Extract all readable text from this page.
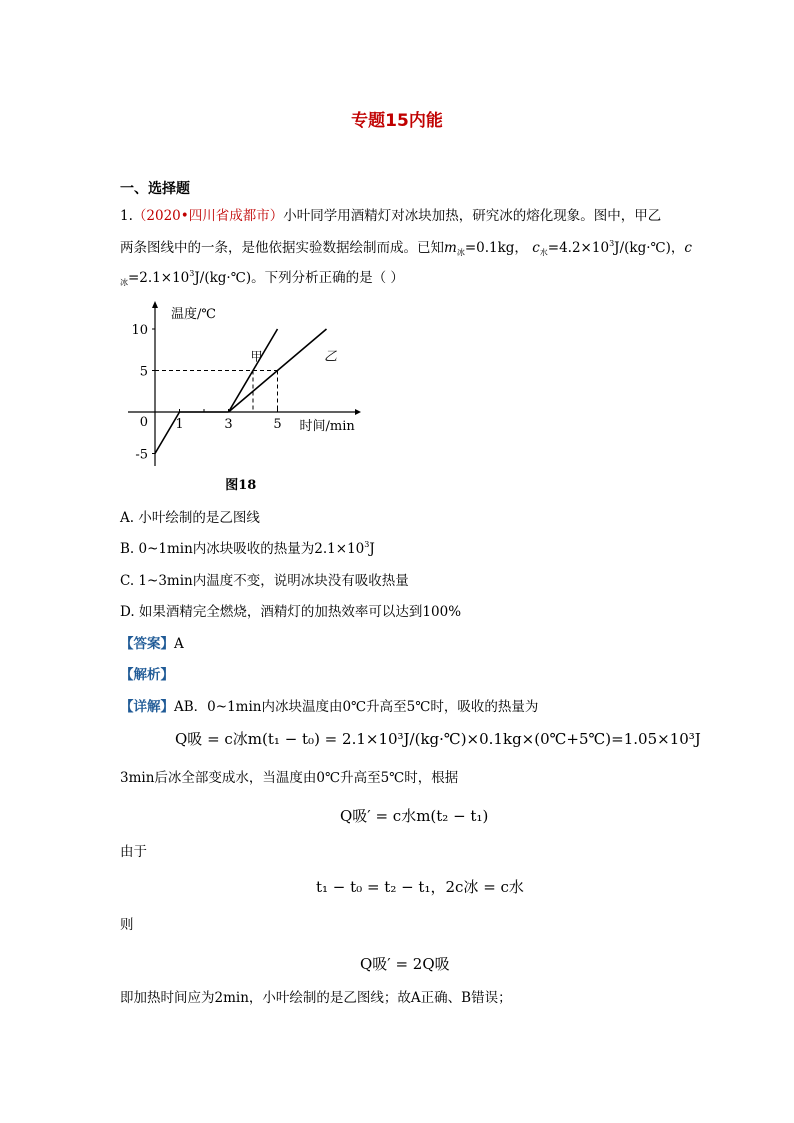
专题15内能
一、选择题
1.（2020•四川省成都市）小叶同学用酒精灯对冰块加热，研究冰的熔化现象。图中，甲乙
两条图线中的一条，是他依据实验数据绘制而成。已知$m_冰=0.1kg$， $c_水=4.2\times 10^3J/(kg\cdot℃)$，c
$_冰=2.1\times 10^3J/(kg\cdot℃)$。下列分析正确的是（ ）
10
5
0
-5
1	3	5
温度/℃
时间/min
甲	乙
图18
A. 小叶绘制的是乙图线
B. 0~1min内冰块吸收的热量为$2.1\times 10^3J$
C. 1~3min内温度不变，说明冰块没有吸收热量
D. 如果酒精完全燃烧，酒精灯的加热效率可以达到100%
【答案】A
【解析】
【详解】AB．0~1min内冰块温度由0℃升高至5℃时，吸收的热量为
Q吸 = c冰m(t₁ − t₀) = 2.1×10³J/(kg·℃)×0.1kg×(0℃+5℃)=1.05×10³J
3min后冰全部变成水，当温度由0℃升高至5℃时，根据
Q吸′ = c水m(t₂ − t₁)
由于
t₁ − t₀ = t₂ − t₁，2c冰 = c水
则
Q吸′ = 2Q吸
即加热时间应为2min，小叶绘制的是乙图线；故A正确、B错误；
